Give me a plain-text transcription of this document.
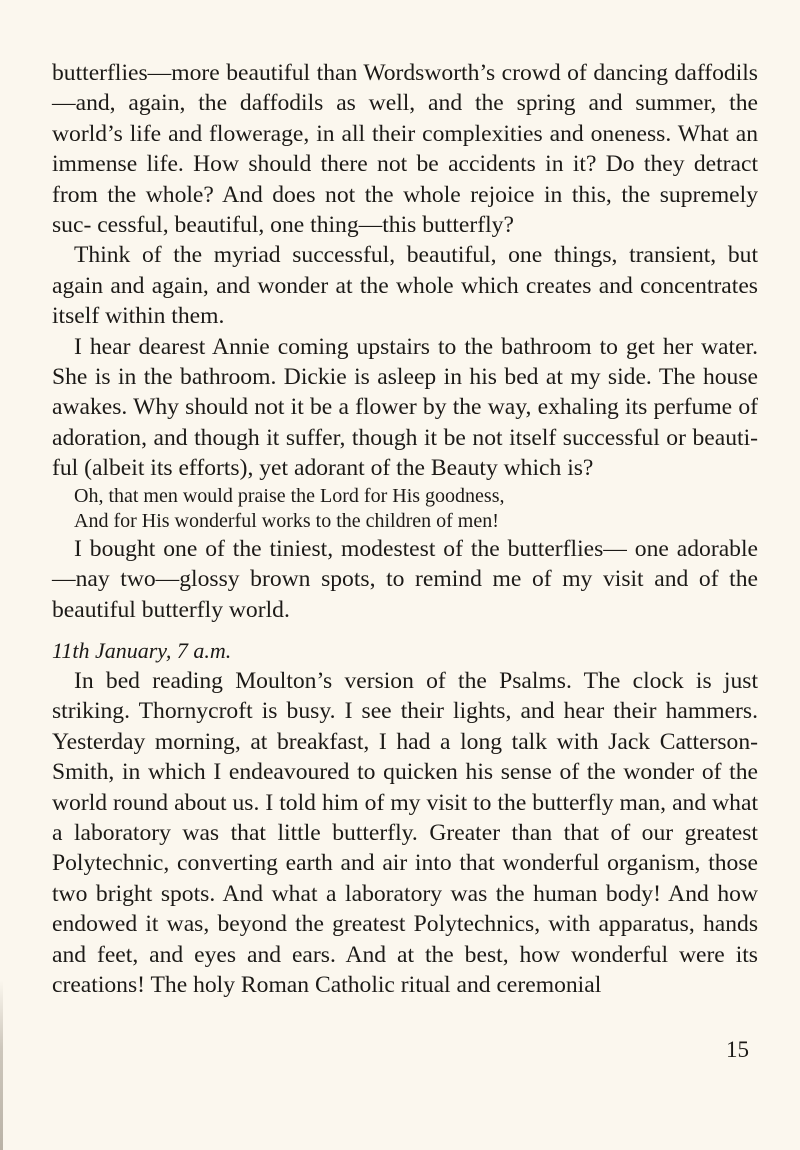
butterflies—more beautiful than Wordsworth’s crowd of dancing daffodils—and, again, the daffodils as well, and the spring and summer, the world’s life and flowerage, in all their complexities and oneness. What an immense life. How should there not be accidents in it? Do they detract from the whole? And does not the whole rejoice in this, the supremely suc- cessful, beautiful, one thing—this butterfly?

Think of the myriad successful, beautiful, one things, transient, but again and again, and wonder at the whole which creates and concentrates itself within them.

I hear dearest Annie coming upstairs to the bathroom to get her water. She is in the bathroom. Dickie is asleep in his bed at my side. The house awakes. Why should not it be a flower by the way, exhaling its perfume of adoration, and though it suffer, though it be not itself successful or beauti- ful (albeit its efforts), yet adorant of the Beauty which is?

Oh, that men would praise the Lord for His goodness,
And for His wonderful works to the children of men!

I bought one of the tiniest, modestest of the butterflies— one adorable—nay two—glossy brown spots, to remind me of my visit and of the beautiful butterfly world.

11th January, 7 a.m.

In bed reading Moulton’s version of the Psalms. The clock is just striking. Thornycroft is busy. I see their lights, and hear their hammers. Yesterday morning, at breakfast, I had a long talk with Jack Catterson-Smith, in which I endeavoured to quicken his sense of the wonder of the world round about us. I told him of my visit to the butterfly man, and what a laboratory was that little butterfly. Greater than that of our greatest Polytechnic, converting earth and air into that wonderful organism, those two bright spots. And what a laboratory was the human body! And how endowed it was, beyond the greatest Polytechnics, with apparatus, hands and feet, and eyes and ears. And at the best, how wonderful were its creations! The holy Roman Catholic ritual and ceremonial

15
